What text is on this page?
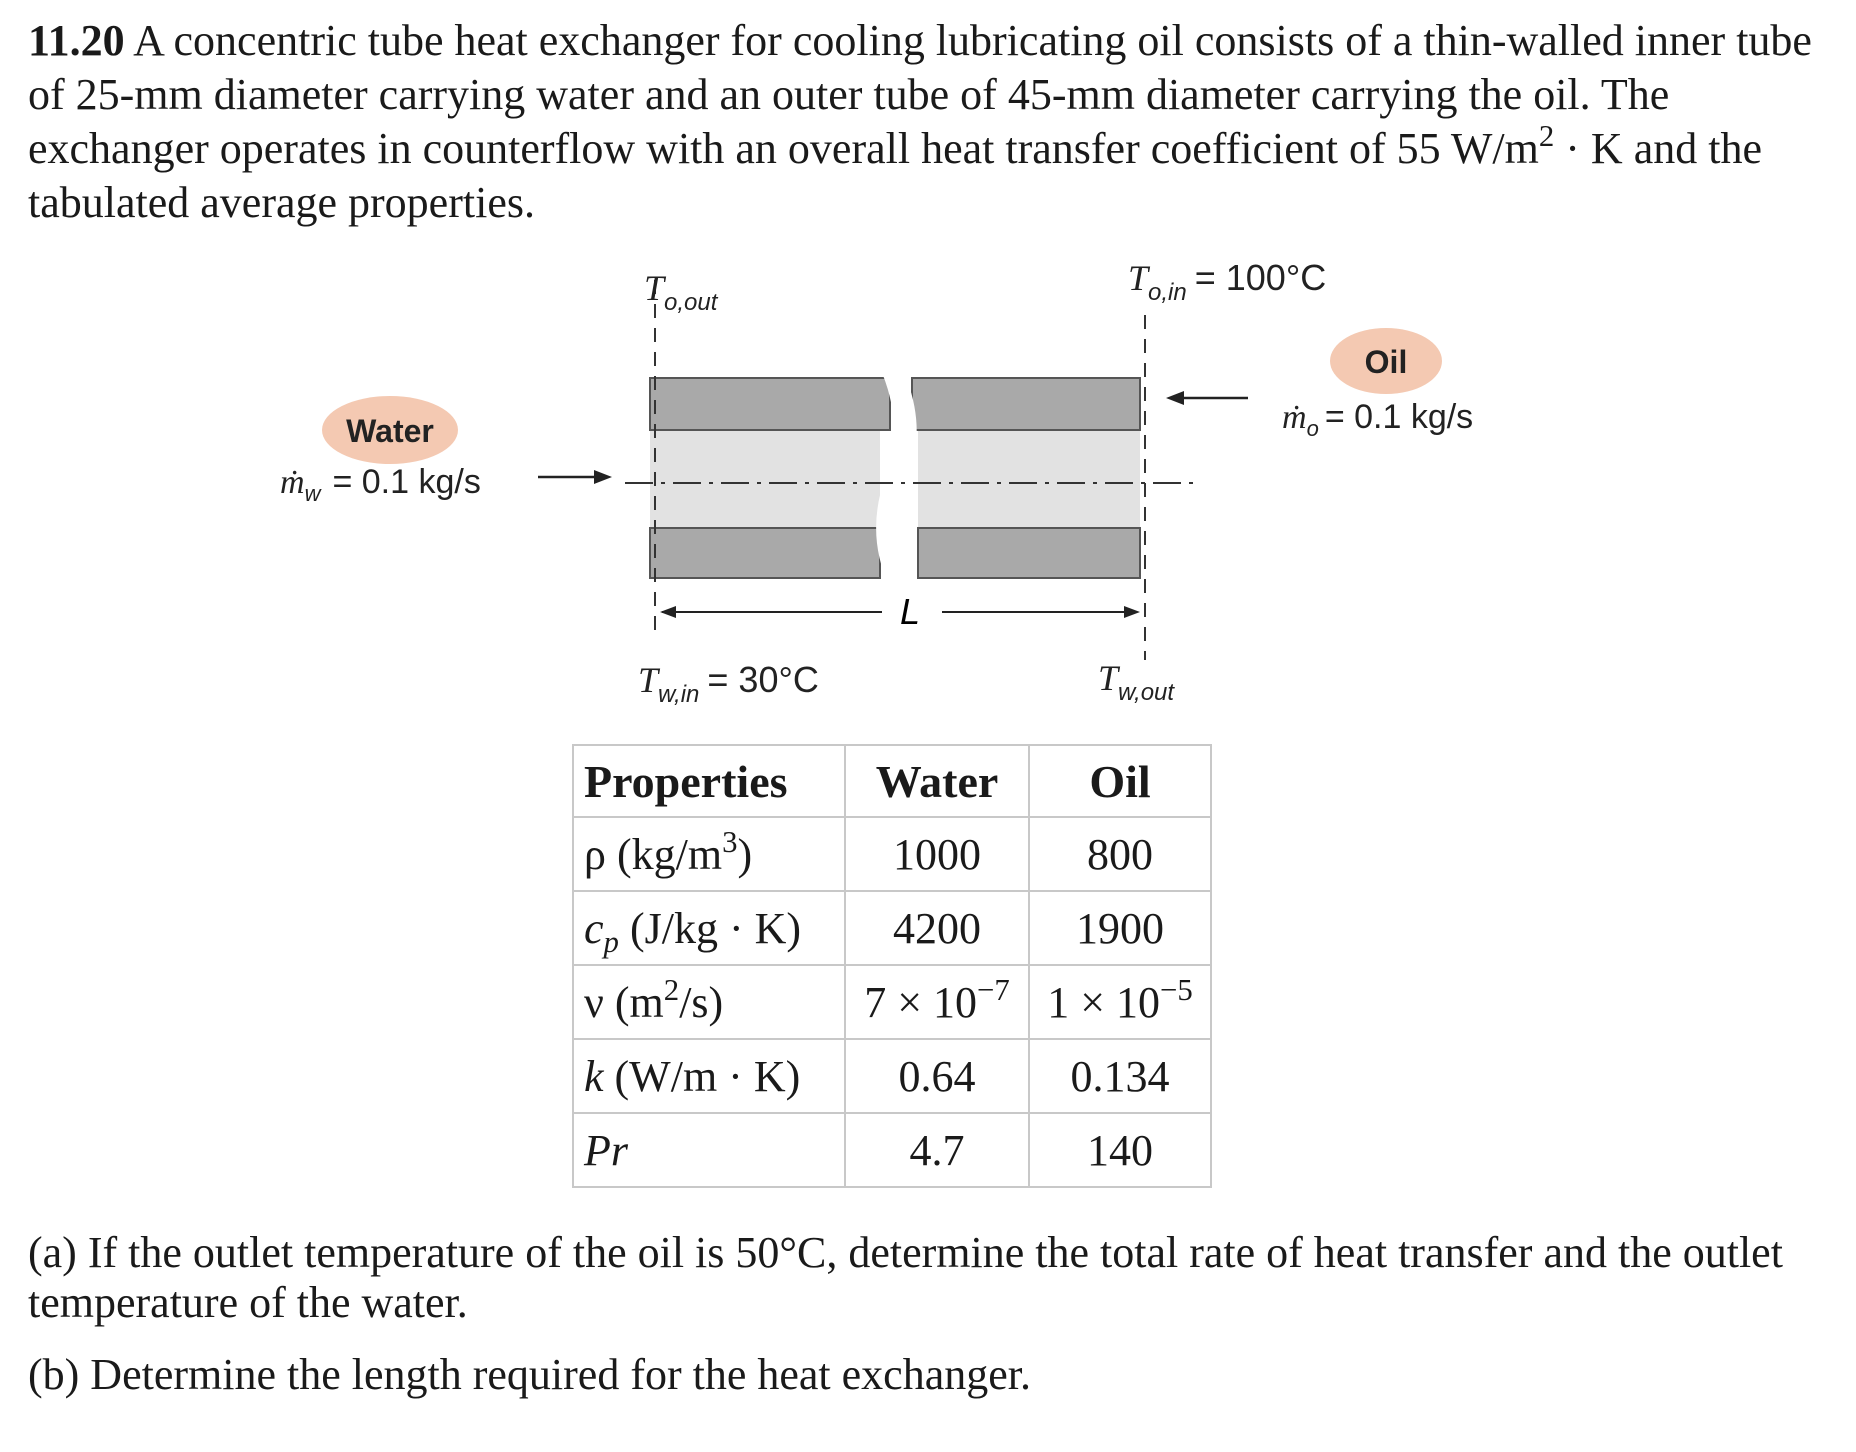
11.20 A concentric tube heat exchanger for cooling lubricating oil consists of a thin-walled inner tube of 25-mm diameter carrying water and an outer tube of 45-mm diameter carrying the oil. The exchanger operates in counterflow with an overall heat transfer coefficient of 55 $W/m^2 \cdot K$ and the tabulated average properties.
L
Water
Oil
ṁ$_w$ = 0.1 kg/s
ṁ$_o$ = 0.1 kg/s
$T_{o,out}$
$T_{o,in} = 100^\circ C$
$T_{w,in} = 30^\circ C$	$T_{w,out}$
Properties	Water	Oil
ρ $(kg/m^3)$	1000	800
$c_p$ (J/kg · K)	4200	1900
ν $(m^2/s)$	$7 \times 10^{-7}$	$1 \times 10^{-5}$
k (W/m · K)	0.64	0.134
Pr	4.7	140

(a) If the outlet temperature of the oil is 50°C, determine the total rate of heat transfer and the outlet temperature of the water.

(b) Determine the length required for the heat exchanger.
